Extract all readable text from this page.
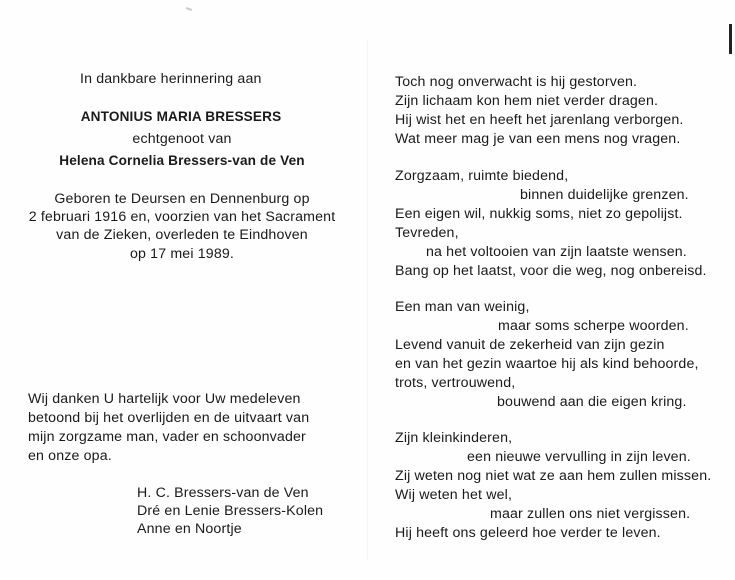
In dankbare herinnering aan
ANTONIUS MARIA BRESSERS
echtgenoot van
Helena Cornelia Bressers-van de Ven
Geboren te Deursen en Dennenburg op
2 februari 1916 en, voorzien van het Sacrament
van de Zieken, overleden te Eindhoven
op 17 mei 1989.
Wij danken U hartelijk voor Uw medeleven
betoond bij het overlijden en de uitvaart van
mijn zorgzame man, vader en schoonvader
en onze opa.
H. C. Bressers-van de Ven
Dré en Lenie Bressers-Kolen
Anne en Noortje
Toch nog onverwacht is hij gestorven.
Zijn lichaam kon hem niet verder dragen.
Hij wist het en heeft het jarenlang verborgen.
Wat meer mag je van een mens nog vragen.
Zorgzaam, ruimte biedend,
binnen duidelijke grenzen.
Een eigen wil, nukkig soms, niet zo gepolijst.
Tevreden,
na het voltooien van zijn laatste wensen.
Bang op het laatst, voor die weg, nog onbereisd.
Een man van weinig,
maar soms scherpe woorden.
Levend vanuit de zekerheid van zijn gezin
en van het gezin waartoe hij als kind behoorde,
trots, vertrouwend,
bouwend aan die eigen kring.
Zijn kleinkinderen,
een nieuwe vervulling in zijn leven.
Zij weten nog niet wat ze aan hem zullen missen.
Wij weten het wel,
maar zullen ons niet vergissen.
Hij heeft ons geleerd hoe verder te leven.
